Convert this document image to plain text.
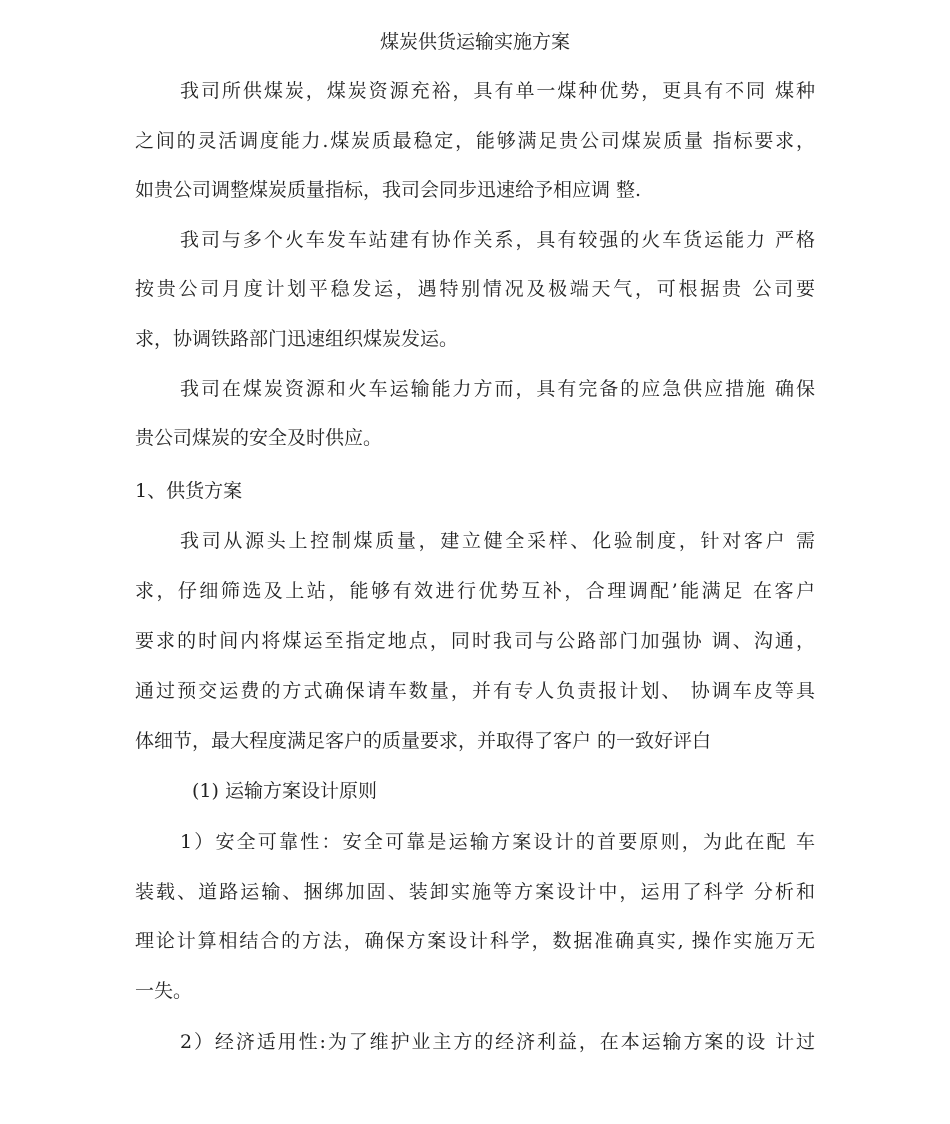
煤炭供货运输实施方案
我司所供煤炭，煤炭资源充裕，具有单一煤种优势，更具有不同 煤种
之间的灵活调度能力.煤炭质最稳定，能够满足贵公司煤炭质量 指标要求，
如贵公司调整煤炭质量指标，我司会同步迅速给予相应调 整.
我司与多个火车发车站建有协作关系，具有较强的火车货运能力 严格
按贵公司月度计划平稳发运，遇特别情况及极端天气，可根据贵 公司要
求，协调铁路部门迅速组织煤炭发运。
我司在煤炭资源和火车运输能力方而，具有完备的应急供应措施 确保
贵公司煤炭的安全及时供应。
1、供货方案
我司从源头上控制煤质量，建立健全采样、化验制度，针对客户 需
求，仔细筛选及上站，能够有效进行优势互补，合理调配’能满足 在客户
要求的时间内将煤运至指定地点，同时我司与公路部门加强协 调、沟通，
通过预交运费的方式确保请车数量，并有专人负责报计划、 协调车皮等具
体细节，最大程度满足客户的质量要求，并取得了客户 的一致好评白
(1) 运输方案设计原则
1）安全可靠性：安全可靠是运输方案设计的首要原则，为此在配 车
装载、道路运输、捆绑加固、装卸实施等方案设计中，运用了科学 分析和
理论计算相结合的方法，确保方案设计科学，数据准确真实, 操作实施万无
一失。
2）经济适用性:为了维护业主方的经济利益，在本运输方案的设 计过
